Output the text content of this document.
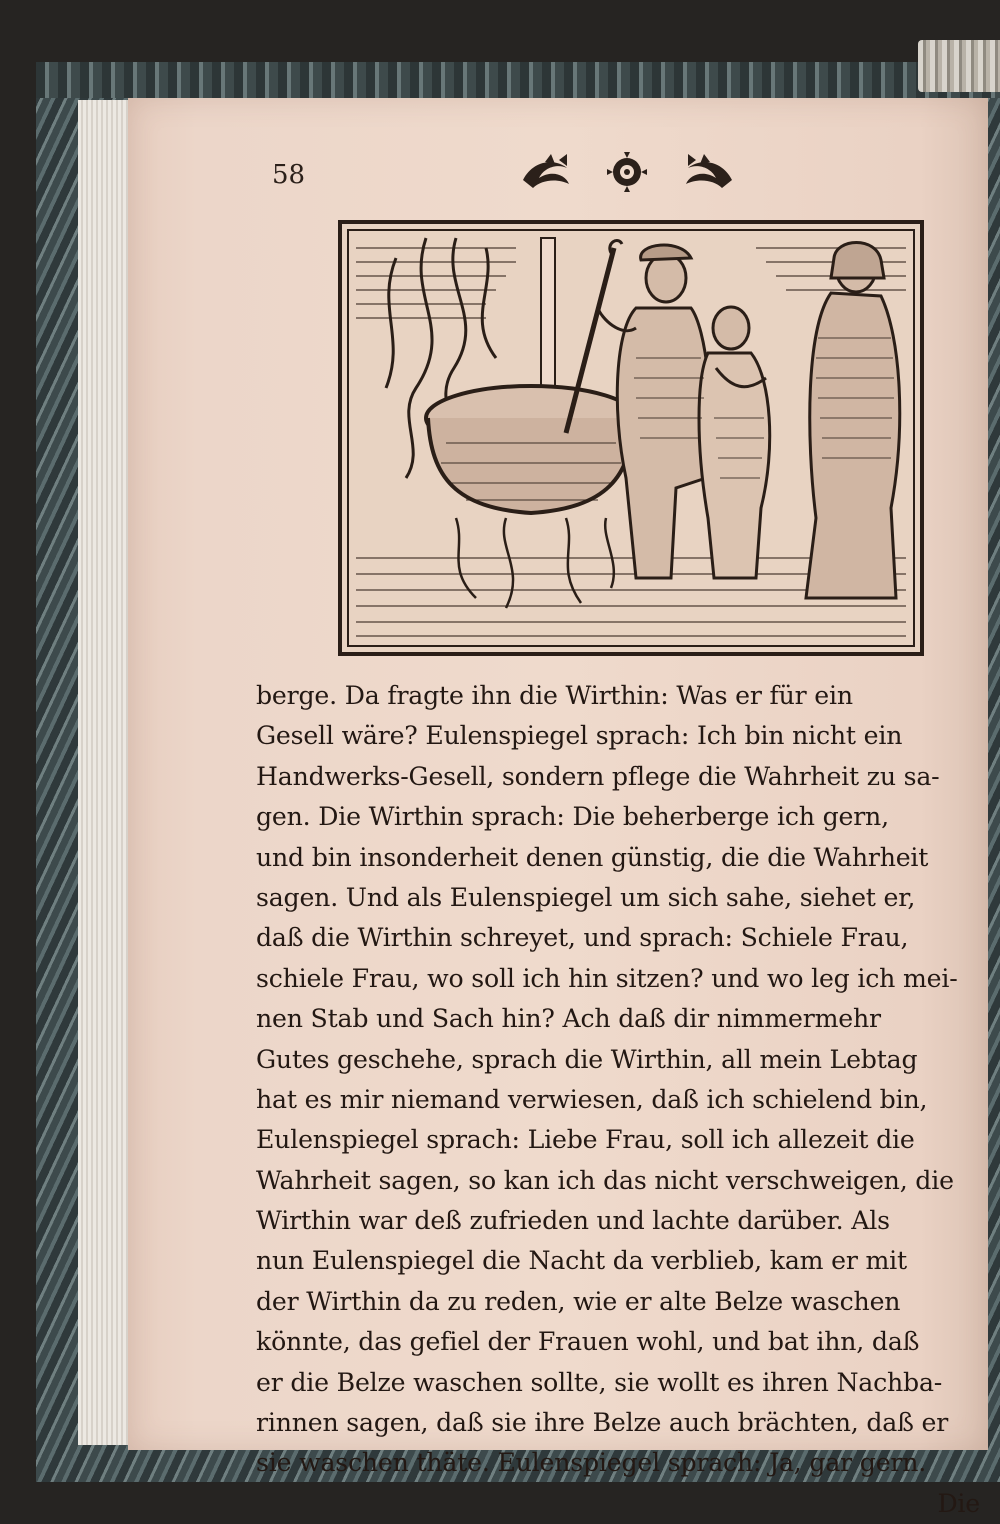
58
berge. Da fragte ihn die Wirthin: Was er für ein
Gesell wäre? Eulenspiegel sprach: Ich bin nicht ein
Handwerks-Gesell, sondern pflege die Wahrheit zu sa-
gen. Die Wirthin sprach: Die beherberge ich gern,
und bin insonderheit denen günstig, die die Wahrheit
sagen. Und als Eulenspiegel um sich sahe, siehet er,
daß die Wirthin schreyet, und sprach: Schiele Frau,
schiele Frau, wo soll ich hin sitzen? und wo leg ich mei-
nen Stab und Sach hin? Ach daß dir nimmermehr
Gutes geschehe, sprach die Wirthin, all mein Lebtag
hat es mir niemand verwiesen, daß ich schielend bin,
Eulenspiegel sprach: Liebe Frau, soll ich allezeit die
Wahrheit sagen, so kan ich das nicht verschweigen, die
Wirthin war deß zufrieden und lachte darüber. Als
nun Eulenspiegel die Nacht da verblieb, kam er mit
der Wirthin da zu reden, wie er alte Belze waschen
könnte, das gefiel der Frauen wohl, und bat ihn, daß
er die Belze waschen sollte, sie wollt es ihren Nachba-
rinnen sagen, daß sie ihre Belze auch brächten, daß er
sie waschen thäte. Eulenspiegel sprach: Ja, gar gern.
Die
